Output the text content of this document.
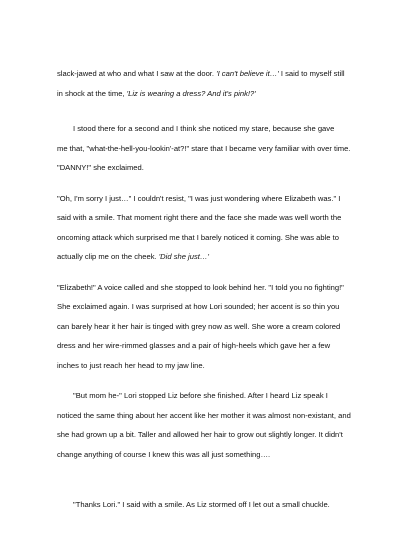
slack-jawed at who and what I saw at the door. 'I can't believe it…' I said to myself still
in shock at the time, 'Liz is wearing a dress? And it's pink!?'
I stood there for a second and I think she noticed my stare, because she gave
me that, "what-the-hell-you-lookin'-at?!" stare that I became very familiar with over time.
"DANNY!" she exclaimed.
"Oh, I'm sorry I just…" I couldn't resist, "I was just wondering where Elizabeth was." I
said with a smile. That moment right there and the face she made was well worth the
oncoming attack which surprised me that I barely noticed it coming. She was able to
actually clip me on the cheek. 'Did she just…'
"Elizabeth!" A voice called and she stopped to look behind her. "I told you no fighting!"
She exclaimed again. I was surprised at how Lori sounded; her accent is so thin you
can barely hear it her hair is tinged with grey now as well. She wore a cream colored
dress and her wire-rimmed glasses and a pair of high-heels which gave her a few
inches to just reach her head to my jaw line.
"But mom he-" Lori stopped Liz before she finished. After I heard Liz speak I
noticed the same thing about her accent like her mother it was almost non-existant, and
she had grown up a bit. Taller and allowed her hair to grow out slightly longer. It didn't
change anything of course I knew this was all just something….
"Thanks Lori." I said with a smile. As Liz stormed off I let out a small chuckle.
